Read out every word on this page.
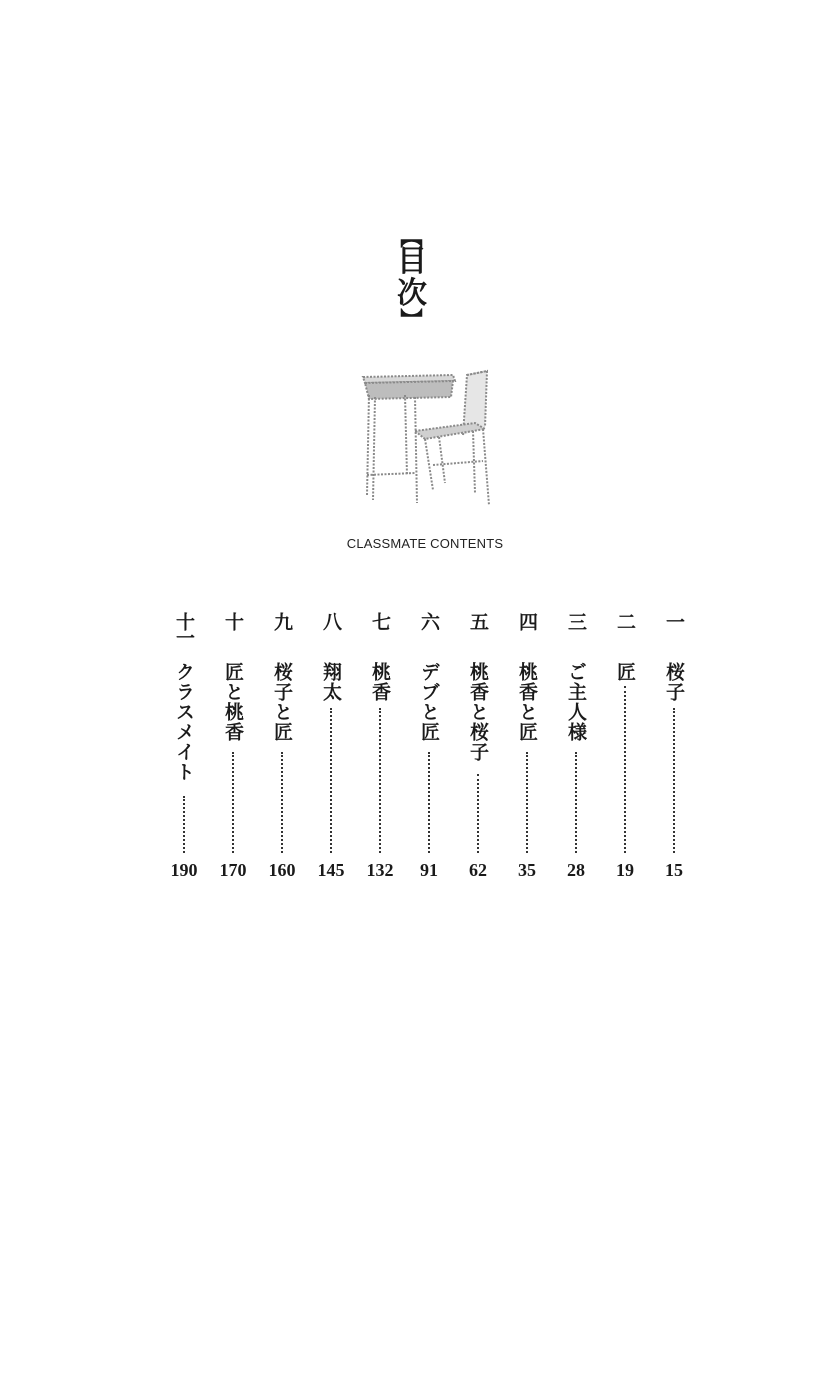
【
目
次
】
CLASSMATE CONTENTS
一
桜子
15
二
匠
19
三
ご主人様
28
四
桃香と匠
35
五
桃香と桜子
62
六
デブと匠
91
七
桃香
132
八
翔太
145
九
桜子と匠
160
十
匠と桃香
170
十一
クラスメイト
190
